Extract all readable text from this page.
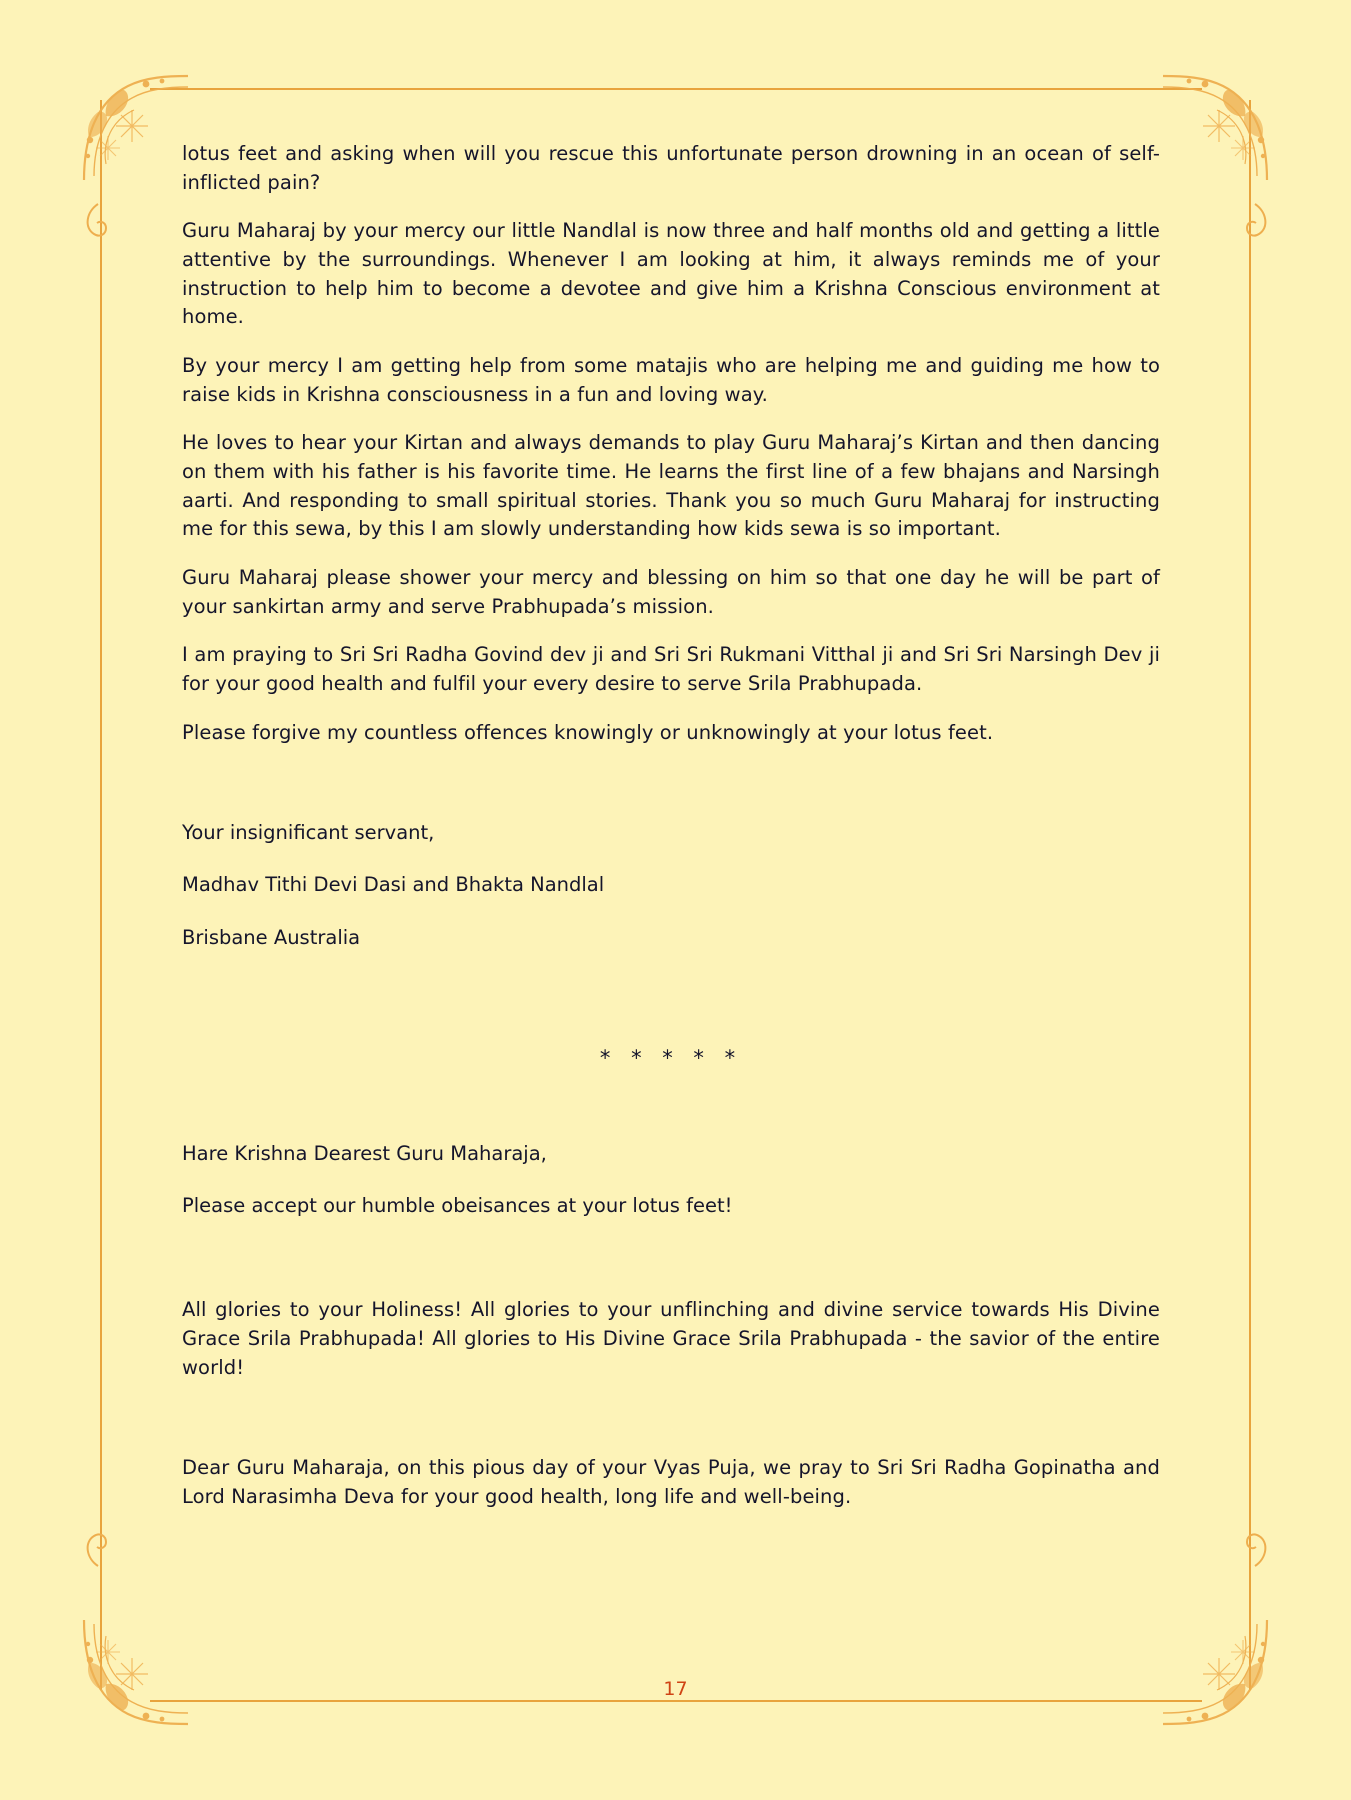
lotus feet and asking when will you rescue this unfortunate person drowning in an ocean of self-inflicted pain?

Guru Maharaj by your mercy our little Nandlal is now three and half months old and getting a little attentive by the surroundings. Whenever I am looking at him, it always reminds me of your instruction to help him to become a devotee and give him a Krishna Conscious environment at home.

By your mercy I am getting help from some matajis who are helping me and guiding me how to raise kids in Krishna consciousness in a fun and loving way.

He loves to hear your Kirtan and always demands to play Guru Maharaj’s Kirtan and then dancing on them with his father is his favorite time. He learns the first line of a few bhajans and Narsingh aarti. And responding to small spiritual stories. Thank you so much Guru Maharaj for instructing me for this sewa, by this I am slowly understanding how kids sewa is so important.

Guru Maharaj please shower your mercy and blessing on him so that one day he will be part of your sankirtan army and serve Prabhupada’s mission.

I am praying to Sri Sri Radha Govind dev ji and Sri Sri Rukmani Vitthal ji and Sri Sri Narsingh Dev ji for your good health and fulfil your every desire to serve Srila Prabhupada.

Please forgive my countless offences knowingly or unknowingly at your lotus feet.

Your insignificant servant,

Madhav Tithi Devi Dasi and Bhakta Nandlal

Brisbane Australia

* * * * *

Hare Krishna Dearest Guru Maharaja,

Please accept our humble obeisances at your lotus feet!

All glories to your Holiness! All glories to your unflinching and divine service towards His Divine Grace Srila Prabhupada! All glories to His Divine Grace Srila Prabhupada - the savior of the entire world!

Dear Guru Maharaja, on this pious day of your Vyas Puja, we pray to Sri Sri Radha Gopinatha and Lord Narasimha Deva for your good health, long life and well-being.

17
